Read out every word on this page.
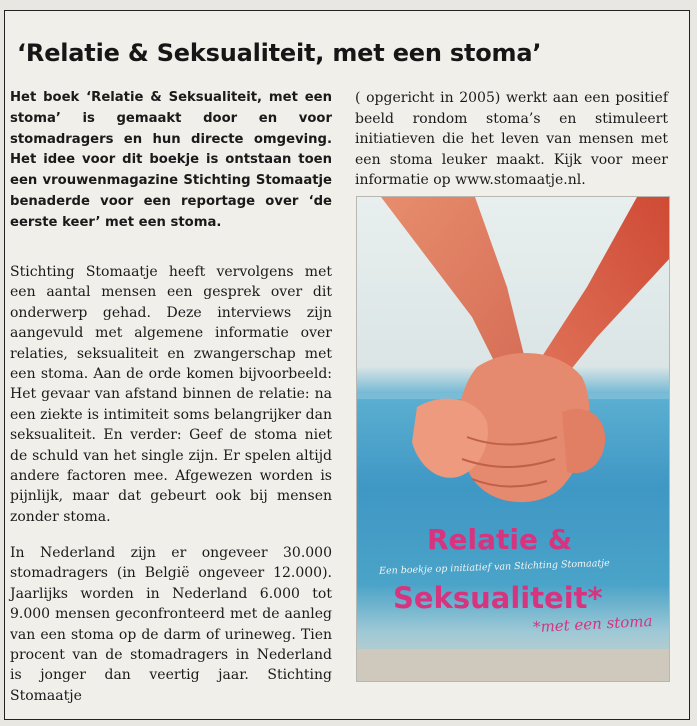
‘Relatie & Seksualiteit, met een stoma’

Het boek ‘Relatie & Seksualiteit, met een stoma’ is gemaakt door en voor stomadragers en hun directe omgeving. Het idee voor dit boekje is ontstaan toen een vrouwenmagazine Stichting Stomaatje benaderde voor een reportage over ‘de eerste keer’ met een stoma.

Stichting Stomaatje heeft vervolgens met een aantal mensen een gesprek over dit onderwerp gehad. Deze interviews zijn aangevuld met algemene informatie over relaties, seksualiteit en zwangerschap met een stoma. Aan de orde komen bijvoorbeeld: Het gevaar van afstand binnen de relatie: na een ziekte is intimiteit soms belangrijker dan seksualiteit. En verder: Geef de stoma niet de schuld van het single zijn. Er spelen altijd andere factoren mee. Afgewezen worden is pijnlijk, maar dat gebeurt ook bij mensen zonder stoma.

In Nederland zijn er ongeveer 30.000 stomadragers (in België ongeveer 12.000). Jaarlijks worden in Nederland 6.000 tot 9.000 mensen geconfronteerd met de aanleg van een stoma op de darm of urineweg. Tien procent van de stomadragers in Nederland is jonger dan veertig jaar. Stichting Stomaatje

( opgericht in 2005) werkt aan een positief beeld rondom stoma’s en stimuleert initiatieven die het leven van mensen met een stoma leuker maakt. Kijk voor meer informatie op www.stomaatje.nl.

Relatie &

Een boekje op initiatief van Stichting Stomaatje

Seksualiteit*

*met een stoma
